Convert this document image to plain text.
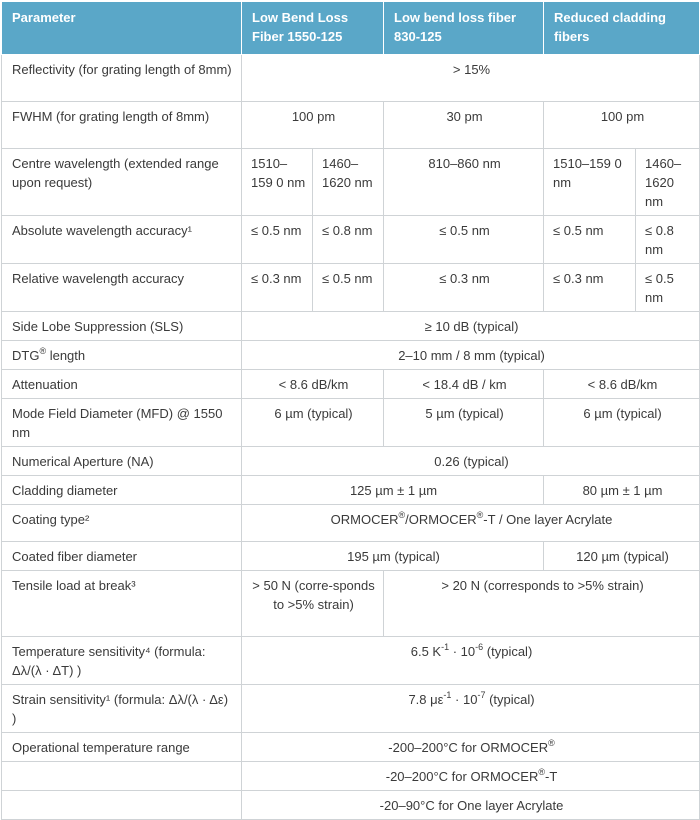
Parameter	Low Bend Loss Fiber 1550-125		Low bend loss fiber 830-125	Reduced cladding fibers	
Reflectivity (for grating length of 8mm)	> 15%				
FWHM (for grating length of 8mm)	100 pm		30 pm	100 pm	
Centre wavelength (extended range upon request)	1510–159 0 nm	1460–1620 nm	810–860 nm	1510–159 0 nm	1460–1620 nm
Absolute wavelength accuracy¹	≤ 0.5 nm	≤ 0.8 nm	≤ 0.5 nm	≤ 0.5 nm	≤ 0.8 nm
Relative wavelength accuracy	≤ 0.3 nm	≤ 0.5 nm	≤ 0.3 nm	≤ 0.3 nm	≤ 0.5 nm
Side Lobe Suppression (SLS)	≥ 10 dB (typical)				
DTG® length	2–10 mm / 8 mm (typical)				
Attenuation	< 8.6 dB/km		< 18.4 dB / km	< 8.6 dB/km	
Mode Field Diameter (MFD) @ 1550 nm	6 µm (typical)		5 µm (typical)	6 µm (typical)	
Numerical Aperture (NA)	0.26 (typical)				
Cladding diameter	125 µm ± 1 µm			80 µm ± 1 µm	
Coating type²	ORMOCER®/ORMOCER®-T / One layer Acrylate				
Coated fiber diameter	195 µm (typical)			120 µm (typical)	
Tensile load at break³	> 50 N (corre-sponds to >5% strain)		> 20 N (corresponds to >5% strain)		
Temperature sensitivity⁴ (formula: Δλ/(λ · ΔT) )	6.5 $K^{-1} \cdot 10^{-6}$ (typical)				
Strain sensitivity¹ (formula: Δλ/(λ · Δε) )	7.8 $\mu\varepsilon^{-1} \cdot 10^{-7}$ (typical)				
Operational temperature range	-200–200°C for ORMOCER®
	-20–200°C for ORMOCER®-T				
	-20–90°C for One layer Acrylate				
